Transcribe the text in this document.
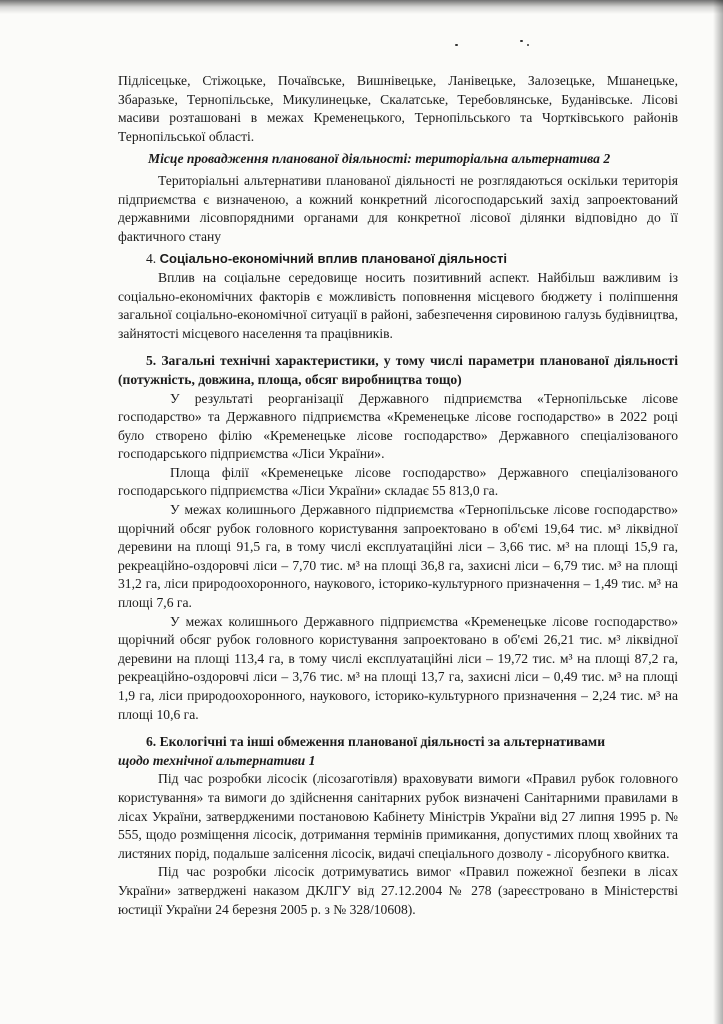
Підлісецьке, Стіжоцьке, Почаївське, Вишнівецьке, Ланівецьке, Залозецьке, Мшанецьке, Збаразьке, Тернопільське, Микулинецьке, Скалатське, Теребовлянське, Буданівське. Лісові масиви розташовані в межах Кременецького, Тернопільського та Чортківського районів Тернопільської області.

Місце провадження планованої діяльності: територіальна альтернатива 2

Територіальні альтернативи планованої діяльності не розглядаються оскільки територія підприємства є визначеною, а кожний конкретний лісогосподарський захід запроектований державними лісовпорядними органами для конкретної лісової ділянки відповідно до її фактичного стану

4. Соціально-економічний вплив планованої діяльності

Вплив на соціальне середовище носить позитивний аспект. Найбільш важливим із соціально-економічних факторів є можливість поповнення місцевого бюджету і поліпшення загальної соціально-економічної ситуації в районі, забезпечення сировиною галузь будівництва, зайнятості місцевого населення та працівників.

5. Загальні технічні характеристики, у тому числі параметри планованої діяльності (потужність, довжина, площа, обсяг виробництва тощо)

У результаті реорганізації Державного підприємства «Тернопільське лісове господарство» та Державного підприємства «Кременецьке лісове господарство» в 2022 році було створено філію «Кременецьке лісове господарство» Державного спеціалізованого господарського підприємства «Ліси України».

Площа філії «Кременецьке лісове господарство» Державного спеціалізованого господарського підприємства «Ліси України» складає 55 813,0 га.

У межах колишнього Державного підприємства «Тернопільське лісове господарство» щорічний обсяг рубок головного користування запроектовано в об'ємі 19,64 тис. м³ ліквідної деревини на площі 91,5 га, в тому числі експлуатаційні ліси – 3,66 тис. м³ на площі 15,9 га, рекреаційно-оздоровчі ліси – 7,70 тис. м³ на площі 36,8 га, захисні ліси – 6,79 тис. м³ на площі 31,2 га, ліси природоохоронного, наукового, історико-культурного призначення – 1,49 тис. м³ на площі 7,6 га.

У межах колишнього Державного підприємства «Кременецьке лісове господарство» щорічний обсяг рубок головного користування запроектовано в об'ємі 26,21 тис. м³ ліквідної деревини на площі 113,4 га, в тому числі експлуатаційні ліси – 19,72 тис. м³ на площі 87,2 га, рекреаційно-оздоровчі ліси – 3,76 тис. м³ на площі 13,7 га, захисні ліси – 0,49 тис. м³ на площі 1,9 га, ліси природоохоронного, наукового, історико-культурного призначення – 2,24 тис. м³ на площі 10,6 га.

6. Екологічні та інші обмеження планованої діяльності за альтернативами

щодо технічної альтернативи 1

Під час розробки лісосік (лісозаготівля) враховувати вимоги «Правил рубок головного користування» та вимоги до здійснення санітарних рубок визначені Санітарними правилами в лісах України, затвердженими постановою Кабінету Міністрів України від 27 липня 1995 р. № 555, щодо розміщення лісосік, дотримання термінів примикання, допустимих площ хвойних та листяних порід, подальше залісення лісосік, видачі спеціального дозволу - лісорубного квитка.

Під час розробки лісосік дотримуватись вимог «Правил пожежної безпеки в лісах України» затверджені наказом ДКЛГУ від 27.12.2004 № 278 (зареєстровано в Міністерстві юстиції України 24 березня 2005 р. з № 328/10608).
